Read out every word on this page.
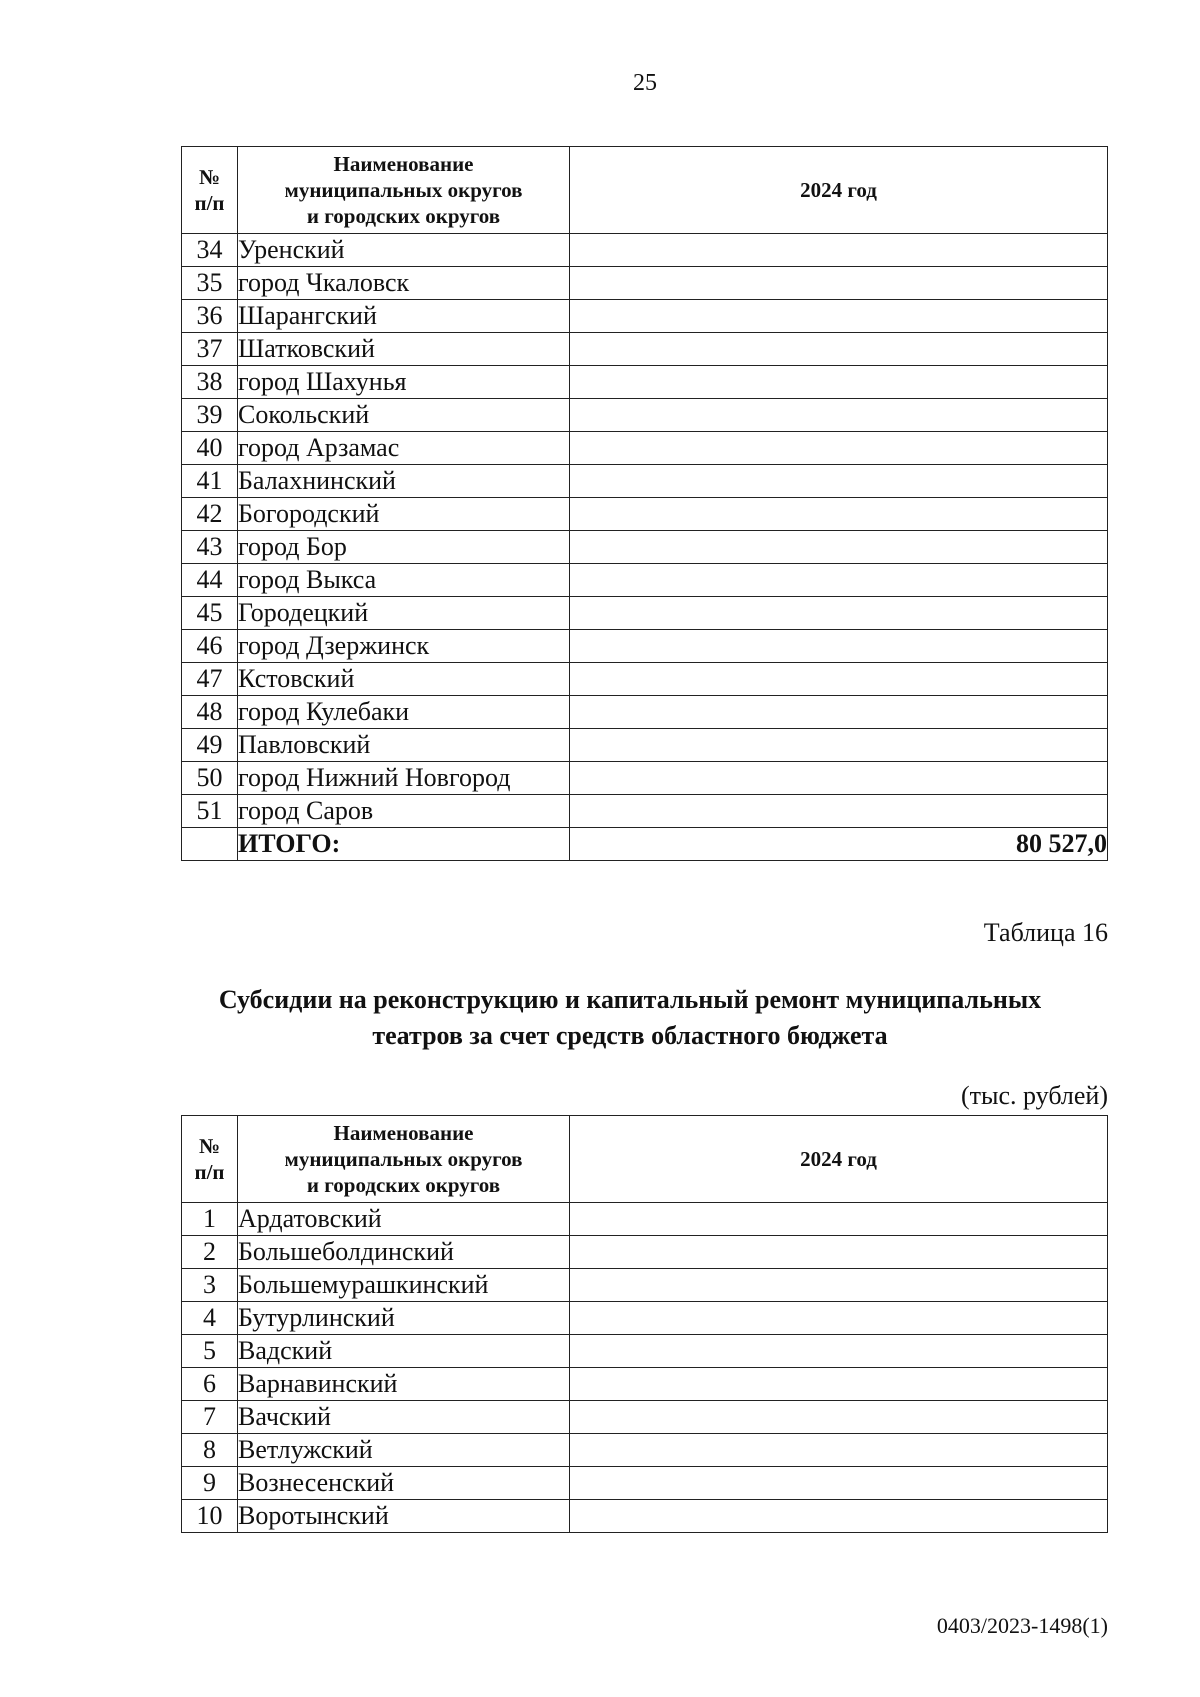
25
№
п/п	Наименование
муниципальных округов
и городских округов	2024 год
34	Уренский	
35	город Чкаловск	
36	Шарангский	
37	Шатковский	
38	город Шахунья	
39	Сокольский	
40	город Арзамас	
41	Балахнинский	
42	Богородский	
43	город Бор	
44	город Выкса	
45	Городецкий	
46	город Дзержинск	
47	Кстовский	
48	город Кулебаки	
49	Павловский	
50	город Нижний Новгород	
51	город Саров	
	ИТОГО:	80 527,0
Таблица 16
Субсидии на реконструкцию и капитальный ремонт муниципальных
театров за счет средств областного бюджета
(тыс. рублей)
№
п/п	Наименование
муниципальных округов
и городских округов	2024 год
1	Ардатовский	
2	Большеболдинский	
3	Большемурашкинский	
4	Бутурлинский	
5	Вадский	
6	Варнавинский	
7	Вачский	
8	Ветлужский	
9	Вознесенский	
10	Воротынский	
0403/2023-1498(1)
